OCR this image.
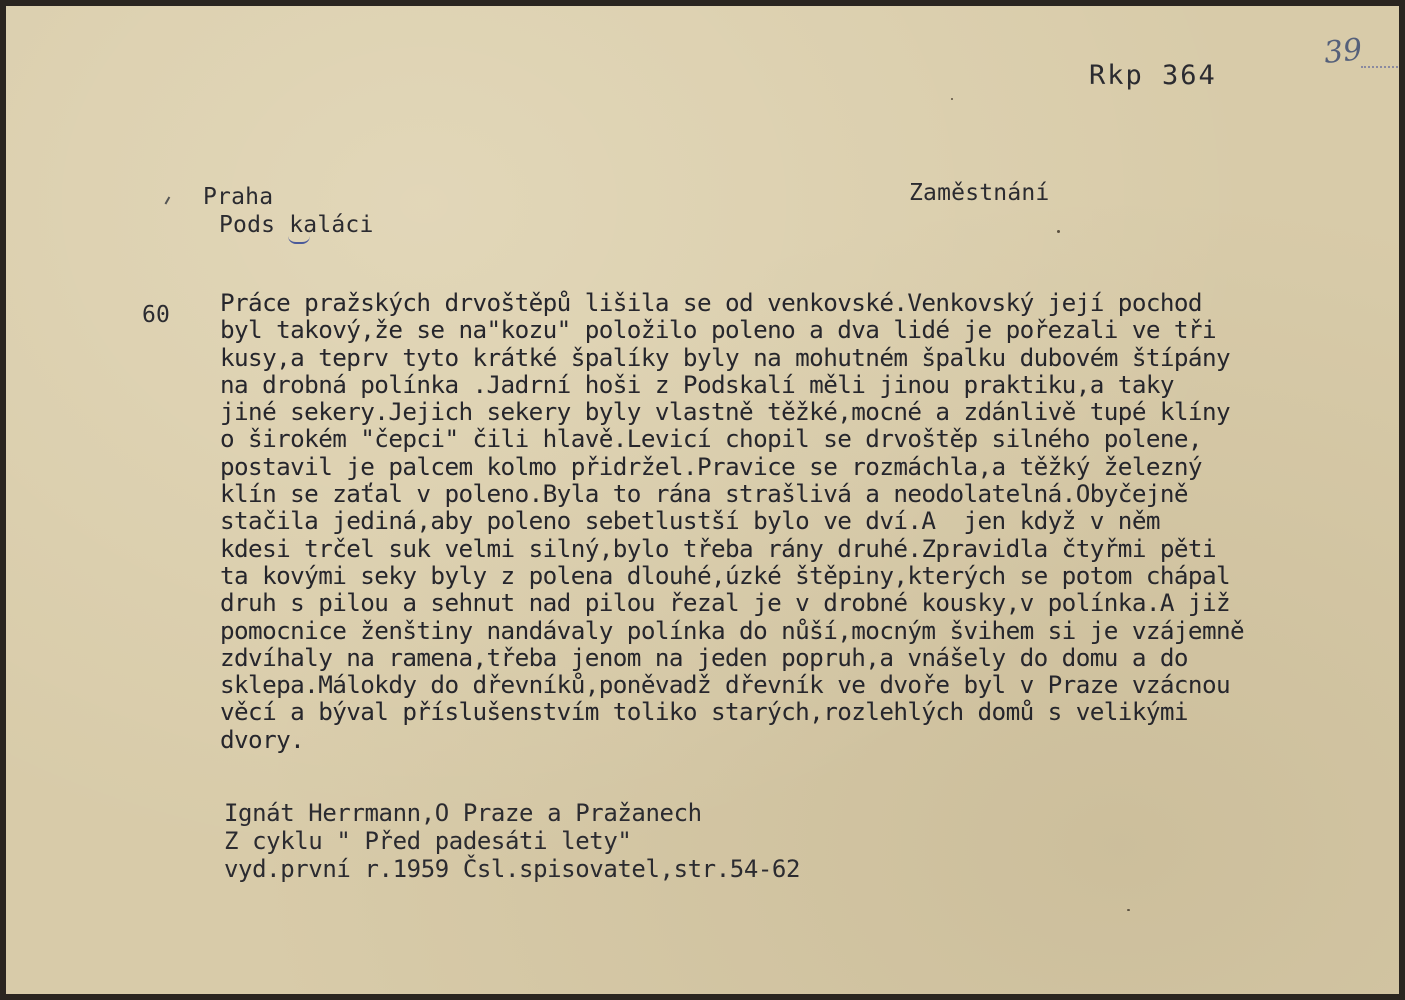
Rkp 364
39
Praha
Pods kaláci
Zaměstnání
60 Práce pražských drvoštěpů lišila se od venkovské.Venkovský její pochod
byl takový,že se na"kozu" položilo poleno a dva lidé je pořezali ve tři
kusy,a teprv tyto krátké špalíky byly na mohutném špalku dubovém štípány
na drobná polínka .Jadrní hoši z Podskalí měli jinou praktiku,a taky
jiné sekery.Jejich sekery byly vlastně těžké,mocné a zdánlivě tupé klíny
o širokém "čepci" čili hlavě.Levicí chopil se drvoštěp silného polene,
postavil je palcem kolmo přidržel.Pravice se rozmáchla,a těžký železný
klín se zaťal v poleno.Byla to rána strašlivá a neodolatelná.Obyčejně
stačila jediná,aby poleno sebetlustší bylo ve dví.A  jen když v něm
kdesi trčel suk velmi silný,bylo třeba rány druhé.Zpravidla čtyřmi pěti
ta kovými seky byly z polena dlouhé,úzké štěpiny,kterých se potom chápal
druh s pilou a sehnut nad pilou řezal je v drobné kousky,v polínka.A již
pomocnice ženštiny nandávaly polínka do nůší,mocným švihem si je vzájemně
zdvíhaly na ramena,třeba jenom na jeden popruh,a vnášely do domu a do
sklepa.Málokdy do dřevníků,poněvadž dřevník ve dvoře byl v Praze vzácnou
věcí a býval příslušenstvím toliko starých,rozlehlých domů s velikými
dvory.
Ignát Herrmann,O Praze a Pražanech
Z cyklu " Před padesáti lety"
vyd.první r.1959 Čsl.spisovatel,str.54-62
